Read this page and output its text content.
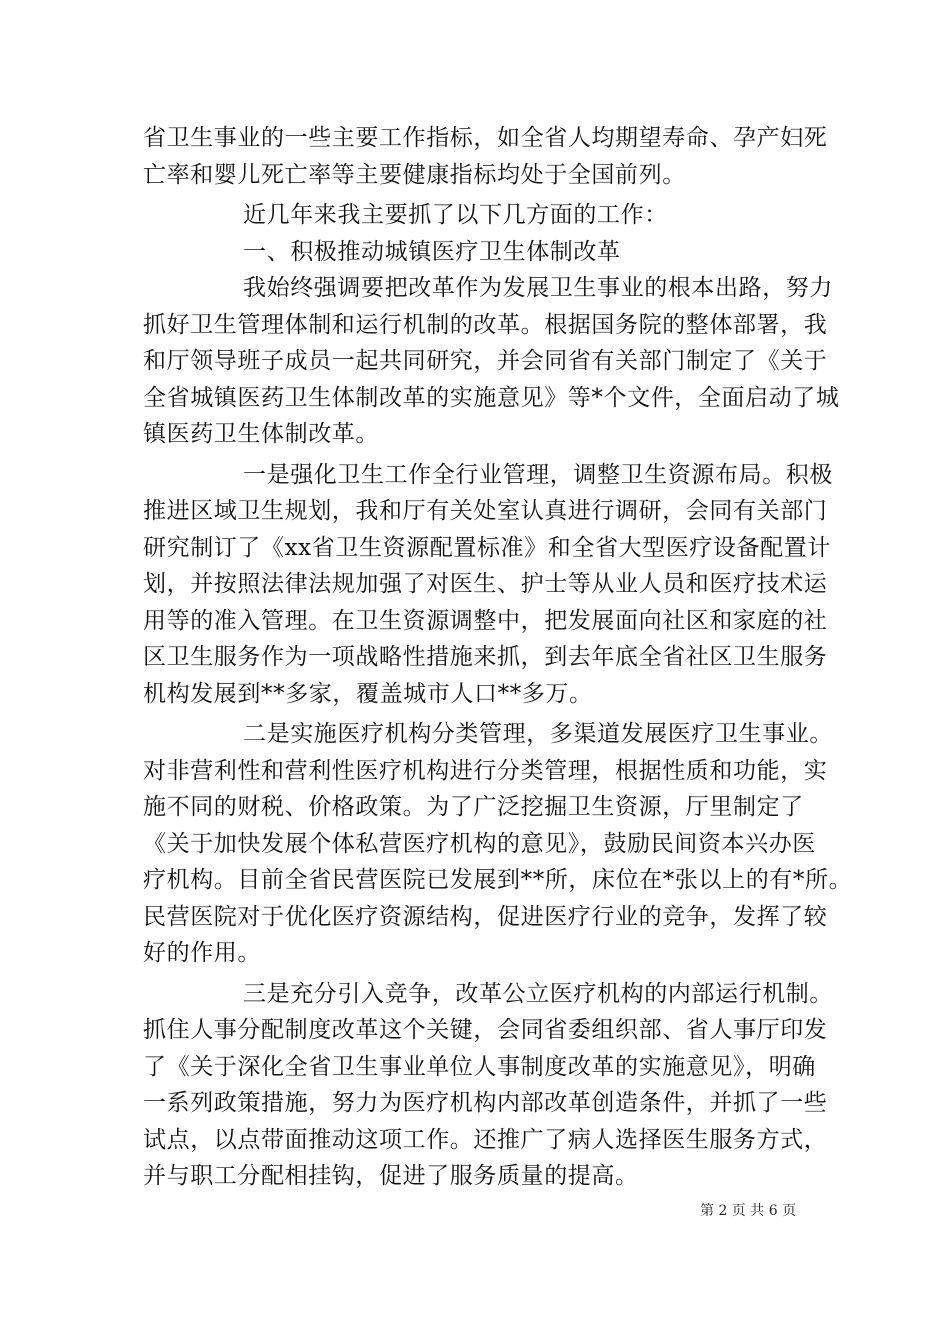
省卫生事业的一些主要工作指标，如全省人均期望寿命、孕产妇死
亡率和婴儿死亡率等主要健康指标均处于全国前列。
近几年来我主要抓了以下几方面的工作：
一、积极推动城镇医疗卫生体制改革
我始终强调要把改革作为发展卫生事业的根本出路，努力
抓好卫生管理体制和运行机制的改革。根据国务院的整体部署，我
和厅领导班子成员一起共同研究，并会同省有关部门制定了《关于
全省城镇医药卫生体制改革的实施意见》等*个文件，全面启动了城
镇医药卫生体制改革。
一是强化卫生工作全行业管理，调整卫生资源布局。积极
推进区域卫生规划，我和厅有关处室认真进行调研，会同有关部门
研究制订了《xx省卫生资源配置标准》和全省大型医疗设备配置计
划，并按照法律法规加强了对医生、护士等从业人员和医疗技术运
用等的准入管理。在卫生资源调整中，把发展面向社区和家庭的社
区卫生服务作为一项战略性措施来抓，到去年底全省社区卫生服务
机构发展到**多家，覆盖城市人口**多万。
二是实施医疗机构分类管理，多渠道发展医疗卫生事业。
对非营利性和营利性医疗机构进行分类管理，根据性质和功能，实
施不同的财税、价格政策。为了广泛挖掘卫生资源，厅里制定了
《关于加快发展个体私营医疗机构的意见》，鼓励民间资本兴办医
疗机构。目前全省民营医院已发展到**所，床位在*张以上的有*所。
民营医院对于优化医疗资源结构，促进医疗行业的竞争，发挥了较
好的作用。
三是充分引入竞争，改革公立医疗机构的内部运行机制。
抓住人事分配制度改革这个关键，会同省委组织部、省人事厅印发
了《关于深化全省卫生事业单位人事制度改革的实施意见》，明确
一系列政策措施，努力为医疗机构内部改革创造条件，并抓了一些
试点，以点带面推动这项工作。还推广了病人选择医生服务方式，
并与职工分配相挂钩，促进了服务质量的提高。
第 2 页 共 6 页
